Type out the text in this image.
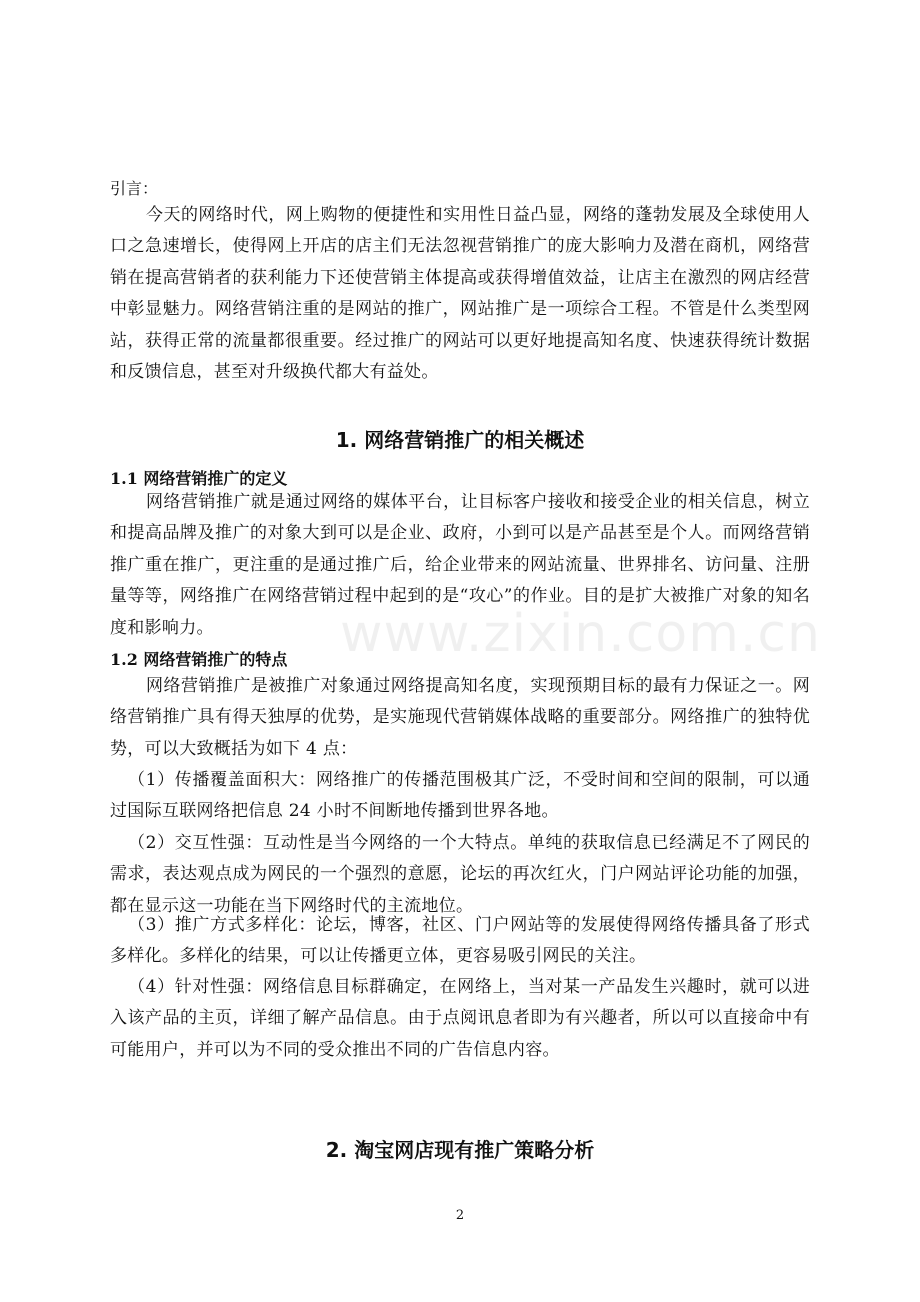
www.zixin.com.cn
引言：
今天的网络时代，网上购物的便捷性和实用性日益凸显，网络的蓬勃发展及全球使用人口之急速增长，使得网上开店的店主们无法忽视营销推广的庞大影响力及潜在商机，网络营销在提高营销者的获利能力下还使营销主体提高或获得增值效益，让店主在激烈的网店经营中彰显魅力。网络营销注重的是网站的推广，网站推广是一项综合工程。不管是什么类型网站，获得正常的流量都很重要。经过推广的网站可以更好地提高知名度、快速获得统计数据和反馈信息，甚至对升级换代都大有益处。
1. 网络营销推广的相关概述
1.1 网络营销推广的定义
网络营销推广就是通过网络的媒体平台，让目标客户接收和接受企业的相关信息，树立和提高品牌及推广的对象大到可以是企业、政府，小到可以是产品甚至是个人。而网络营销推广重在推广，更注重的是通过推广后，给企业带来的网站流量、世界排名、访问量、注册量等等，网络推广在网络营销过程中起到的是“攻心”的作业。目的是扩大被推广对象的知名度和影响力。
1.2 网络营销推广的特点
网络营销推广是被推广对象通过网络提高知名度，实现预期目标的最有力保证之一。网络营销推广具有得天独厚的优势，是实施现代营销媒体战略的重要部分。网络推广的独特优势，可以大致概括为如下 4 点：
（1）传播覆盖面积大：网络推广的传播范围极其广泛，不受时间和空间的限制，可以通过国际互联网络把信息 24 小时不间断地传播到世界各地。
（2）交互性强：互动性是当今网络的一个大特点。单纯的获取信息已经满足不了网民的需求，表达观点成为网民的一个强烈的意愿，论坛的再次红火，门户网站评论功能的加强，都在显示这一功能在当下网络时代的主流地位。
（3）推广方式多样化：论坛，博客，社区、门户网站等的发展使得网络传播具备了形式多样化。多样化的结果，可以让传播更立体，更容易吸引网民的关注。
（4）针对性强：网络信息目标群确定，在网络上，当对某一产品发生兴趣时，就可以进入该产品的主页，详细了解产品信息。由于点阅讯息者即为有兴趣者，所以可以直接命中有可能用户，并可以为不同的受众推出不同的广告信息内容。
2. 淘宝网店现有推广策略分析
2
